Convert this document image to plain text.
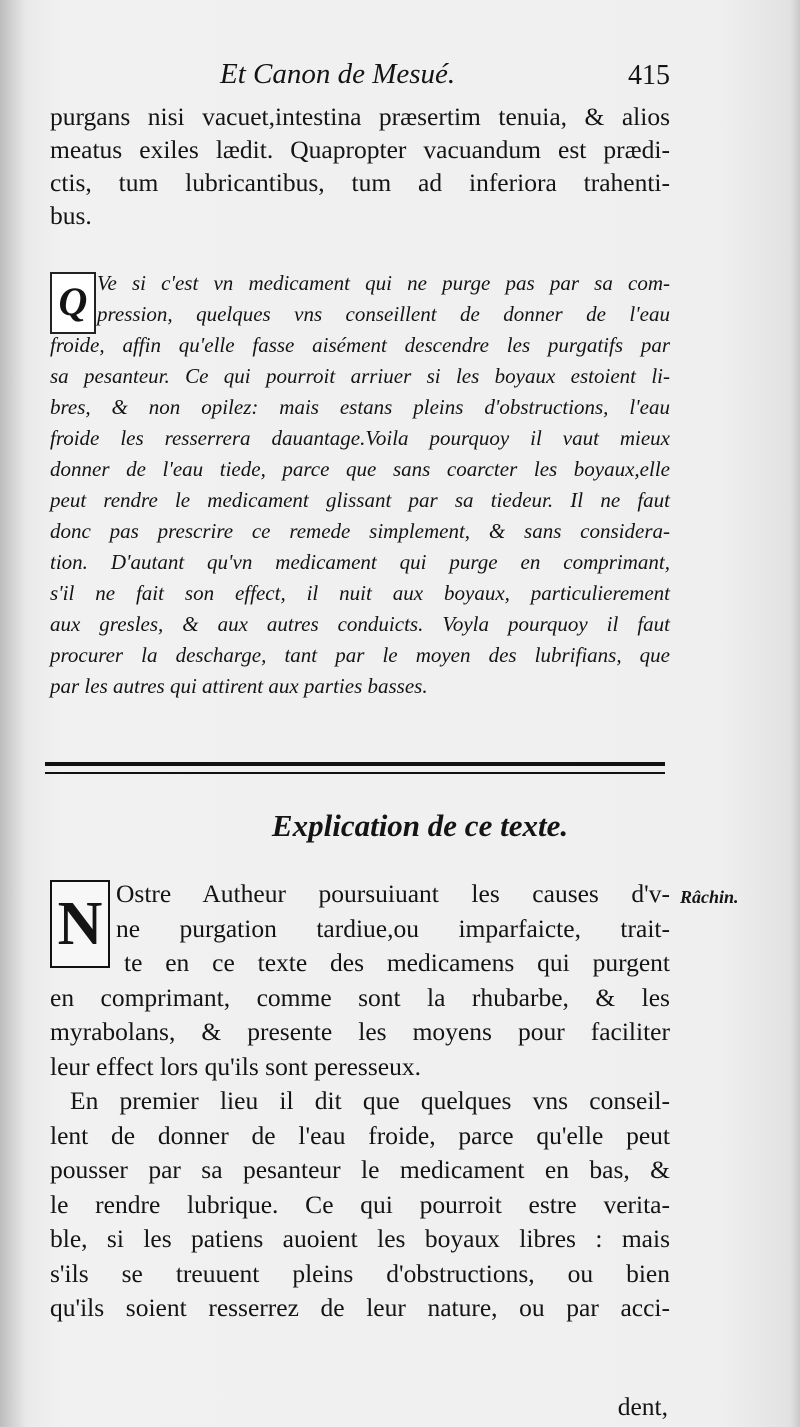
Et Canon de Mesué.	415
purgans nisi vacuet,intestina præsertim tenuia, & alios
meatus exiles lædit. Quapropter vacuandum est prædi-
ctis, tum lubricantibus, tum ad inferiora trahenti-
bus.
Q Ve si c'est vn medicament qui ne purge pas par sa com-
pression, quelques vns conseillent de donner de l'eau
froide, affin qu'elle fasse aisément descendre les purgatifs par
sa pesanteur. Ce qui pourroit arriuer si les boyaux estoient li-
bres, & non opilez: mais estans pleins d'obstructions, l'eau
froide les resserrera dauantage.Voila pourquoy il vaut mieux
donner de l'eau tiede, parce que sans coarcter les boyaux,elle
peut rendre le medicament glissant par sa tiedeur. Il ne faut
donc pas prescrire ce remede simplement, & sans considera-
tion. D'autant qu'vn medicament qui purge en comprimant,
s'il ne fait son effect, il nuit aux boyaux, particulierement
aux gresles, & aux autres conduicts. Voyla pourquoy il faut
procurer la descharge, tant par le moyen des lubrifians, que
par les autres qui attirent aux parties basses.
Explication de ce texte.
N	Râchin.
Ostre Autheur poursuiuant les causes d'v-
ne purgation tardiue,ou imparfaicte, trait-
te en ce texte des medicamens qui purgent
en comprimant, comme sont la rhubarbe, & les
myrabolans, & presente les moyens pour faciliter
leur effect lors qu'ils sont peresseux.
En premier lieu il dit que quelques vns conseil-
lent de donner de l'eau froide, parce qu'elle peut
pousser par sa pesanteur le medicament en bas, &
le rendre lubrique. Ce qui pourroit estre verita-
ble, si les patiens auoient les boyaux libres : mais
s'ils se treuuent pleins d'obstructions, ou bien
qu'ils soient resserrez de leur nature, ou par acci-
dent,
